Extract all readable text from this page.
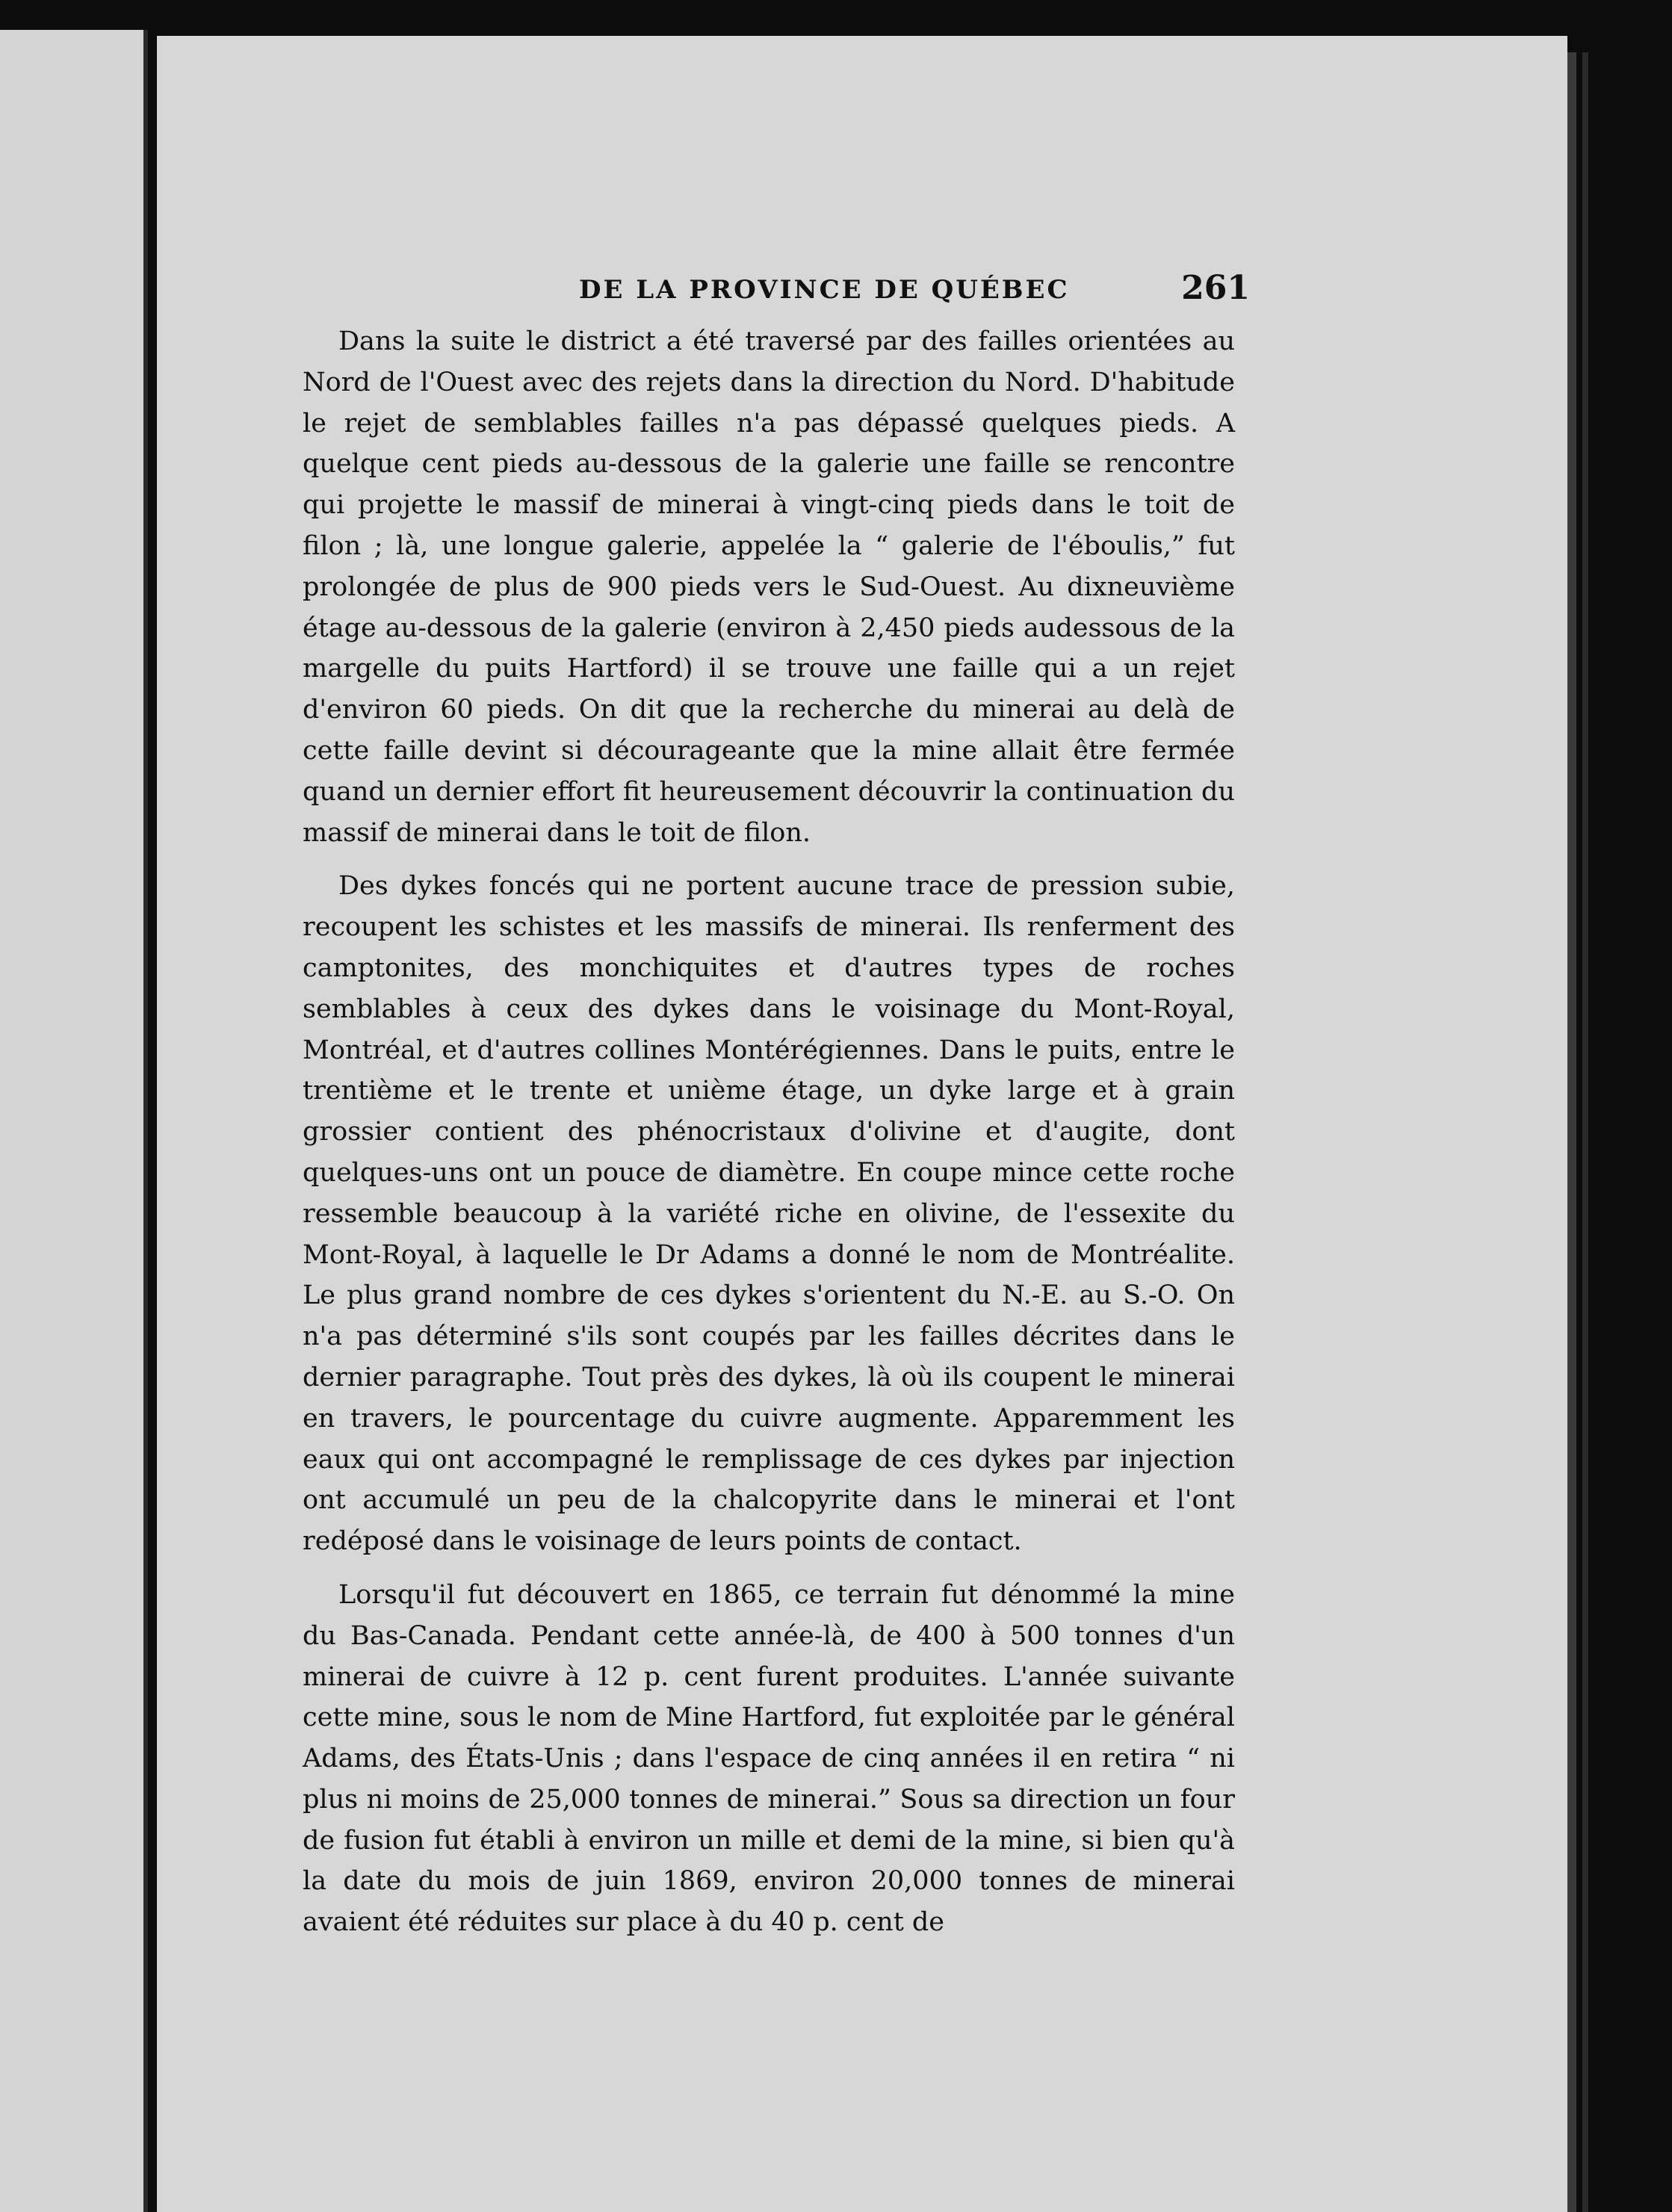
DE LA PROVINCE DE QUÉBEC	261

Dans la suite le district a été traversé par des failles orientées au Nord de l'Ouest avec des rejets dans la direction du Nord. D'habitude le rejet de semblables failles n'a pas dépassé quelques pieds. A quelque cent pieds au-dessous de la galerie une faille se rencontre qui projette le massif de minerai à vingt-cinq pieds dans le toit de filon ; là, une longue galerie, appelée la “ galerie de l'éboulis,” fut prolongée de plus de 900 pieds vers le Sud-Ouest. Au dixneuvième étage au-dessous de la galerie (environ à 2,450 pieds audessous de la margelle du puits Hartford) il se trouve une faille qui a un rejet d'environ 60 pieds. On dit que la recherche du minerai au delà de cette faille devint si décourageante que la mine allait être fermée quand un dernier effort fit heureusement découvrir la continuation du massif de minerai dans le toit de filon.

Des dykes foncés qui ne portent aucune trace de pression subie, recoupent les schistes et les massifs de minerai. Ils renferment des camptonites, des monchiquites et d'autres types de roches semblables à ceux des dykes dans le voisinage du Mont-Royal, Montréal, et d'autres collines Montérégiennes. Dans le puits, entre le trentième et le trente et unième étage, un dyke large et à grain grossier contient des phénocristaux d'olivine et d'augite, dont quelques-uns ont un pouce de diamètre. En coupe mince cette roche ressemble beaucoup à la variété riche en olivine, de l'essexite du Mont-Royal, à laquelle le Dr Adams a donné le nom de Montréalite. Le plus grand nombre de ces dykes s'orientent du N.-E. au S.-O. On n'a pas déterminé s'ils sont coupés par les failles décrites dans le dernier paragraphe. Tout près des dykes, là où ils coupent le minerai en travers, le pourcentage du cuivre augmente. Apparemment les eaux qui ont accompagné le remplissage de ces dykes par injection ont accumulé un peu de la chalcopyrite dans le minerai et l'ont redéposé dans le voisinage de leurs points de contact.

Lorsqu'il fut découvert en 1865, ce terrain fut dénommé la mine du Bas-Canada. Pendant cette année-là, de 400 à 500 tonnes d'un minerai de cuivre à 12 p. cent furent produites. L'année suivante cette mine, sous le nom de Mine Hartford, fut exploitée par le général Adams, des États-Unis ; dans l'espace de cinq années il en retira “ ni plus ni moins de 25,000 tonnes de minerai.” Sous sa direction un four de fusion fut établi à environ un mille et demi de la mine, si bien qu'à la date du mois de juin 1869, environ 20,000 tonnes de minerai avaient été réduites sur place à du 40 p. cent de
